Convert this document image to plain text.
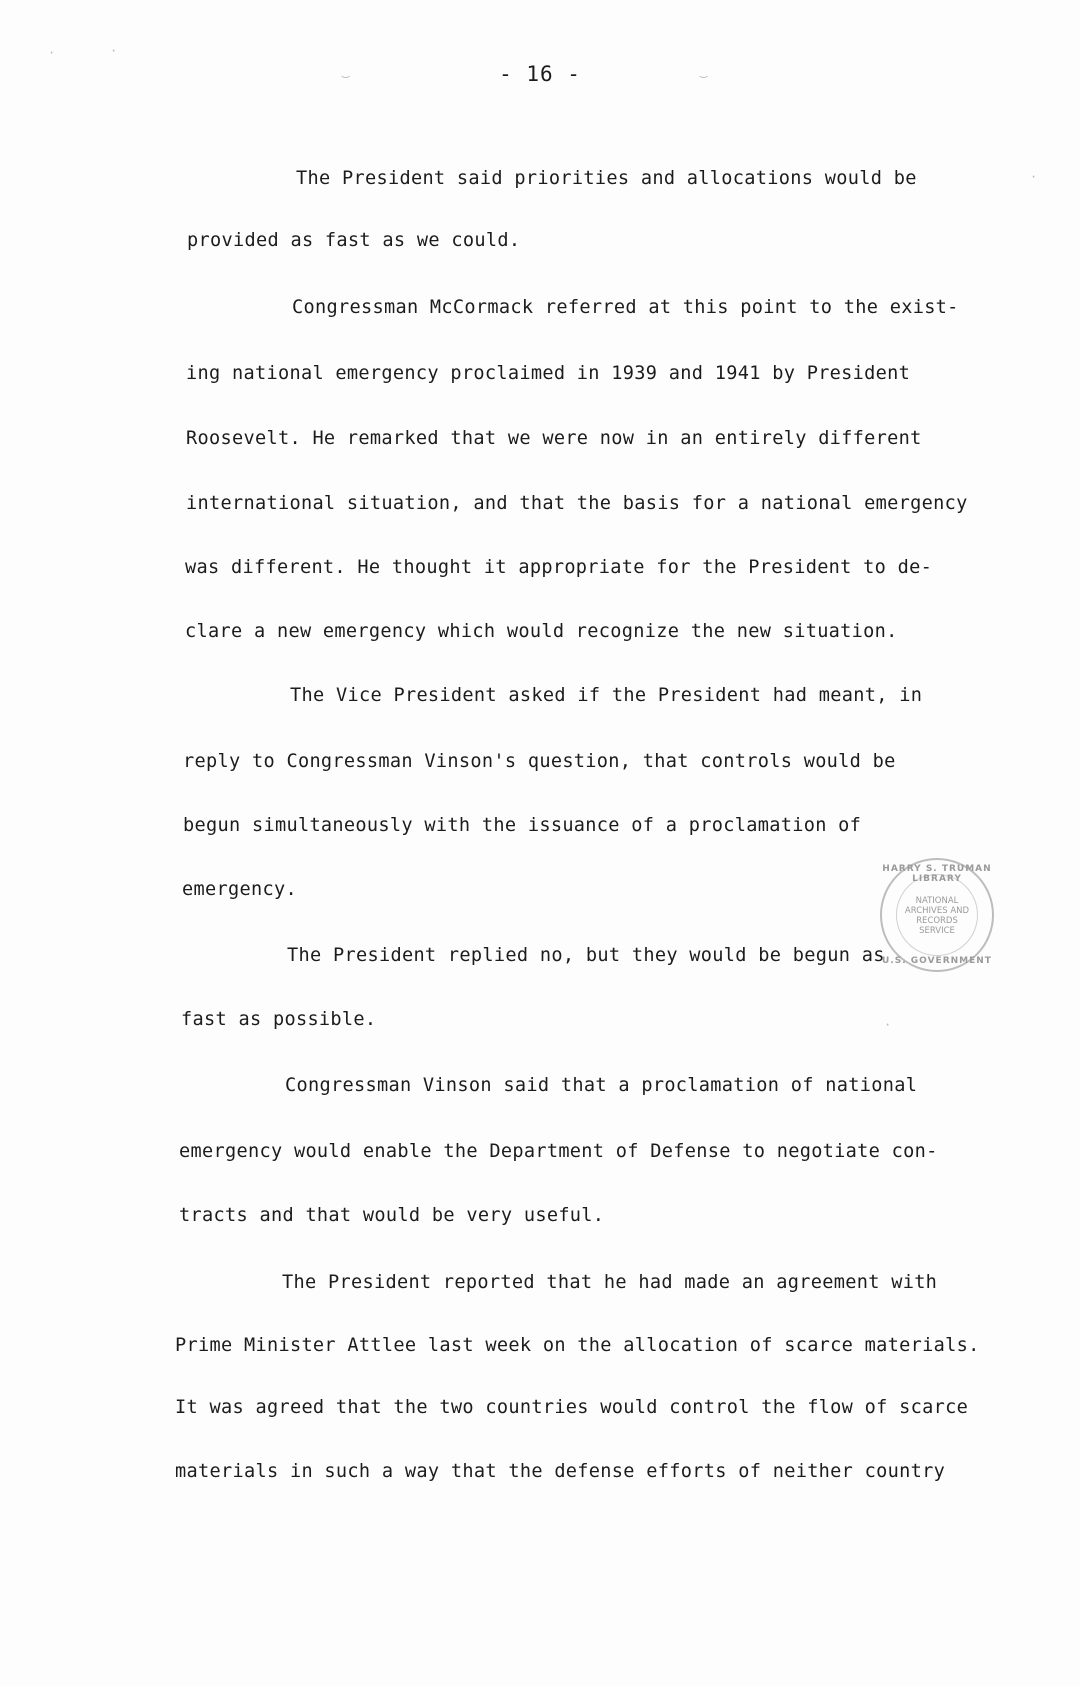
- 16 -
The President said priorities and allocations would be
provided as fast as we could.
Congressman McCormack referred at this point to the exist-
ing national emergency proclaimed in 1939 and 1941 by President
Roosevelt. He remarked that we were now in an entirely different
international situation, and that the basis for a national emergency
was different. He thought it appropriate for the President to de-
clare a new emergency which would recognize the new situation.
The Vice President asked if the President had meant, in
reply to Congressman Vinson's question, that controls would be
begun simultaneously with the issuance of a proclamation of
emergency.
The President replied no, but they would be begun as
fast as possible.
Congressman Vinson said that a proclamation of national
emergency would enable the Department of Defense to negotiate con-
tracts and that would be very useful.
The President reported that he had made an agreement with
Prime Minister Attlee last week on the allocation of scarce materials.
It was agreed that the two countries would control the flow of scarce
materials in such a way that the defense efforts of neither country
HARRY S. TRUMAN LIBRARY
NATIONAL
ARCHIVES AND
RECORDS
SERVICE
U.S. GOVERNMENT
·	·
·
·
‿	‿
